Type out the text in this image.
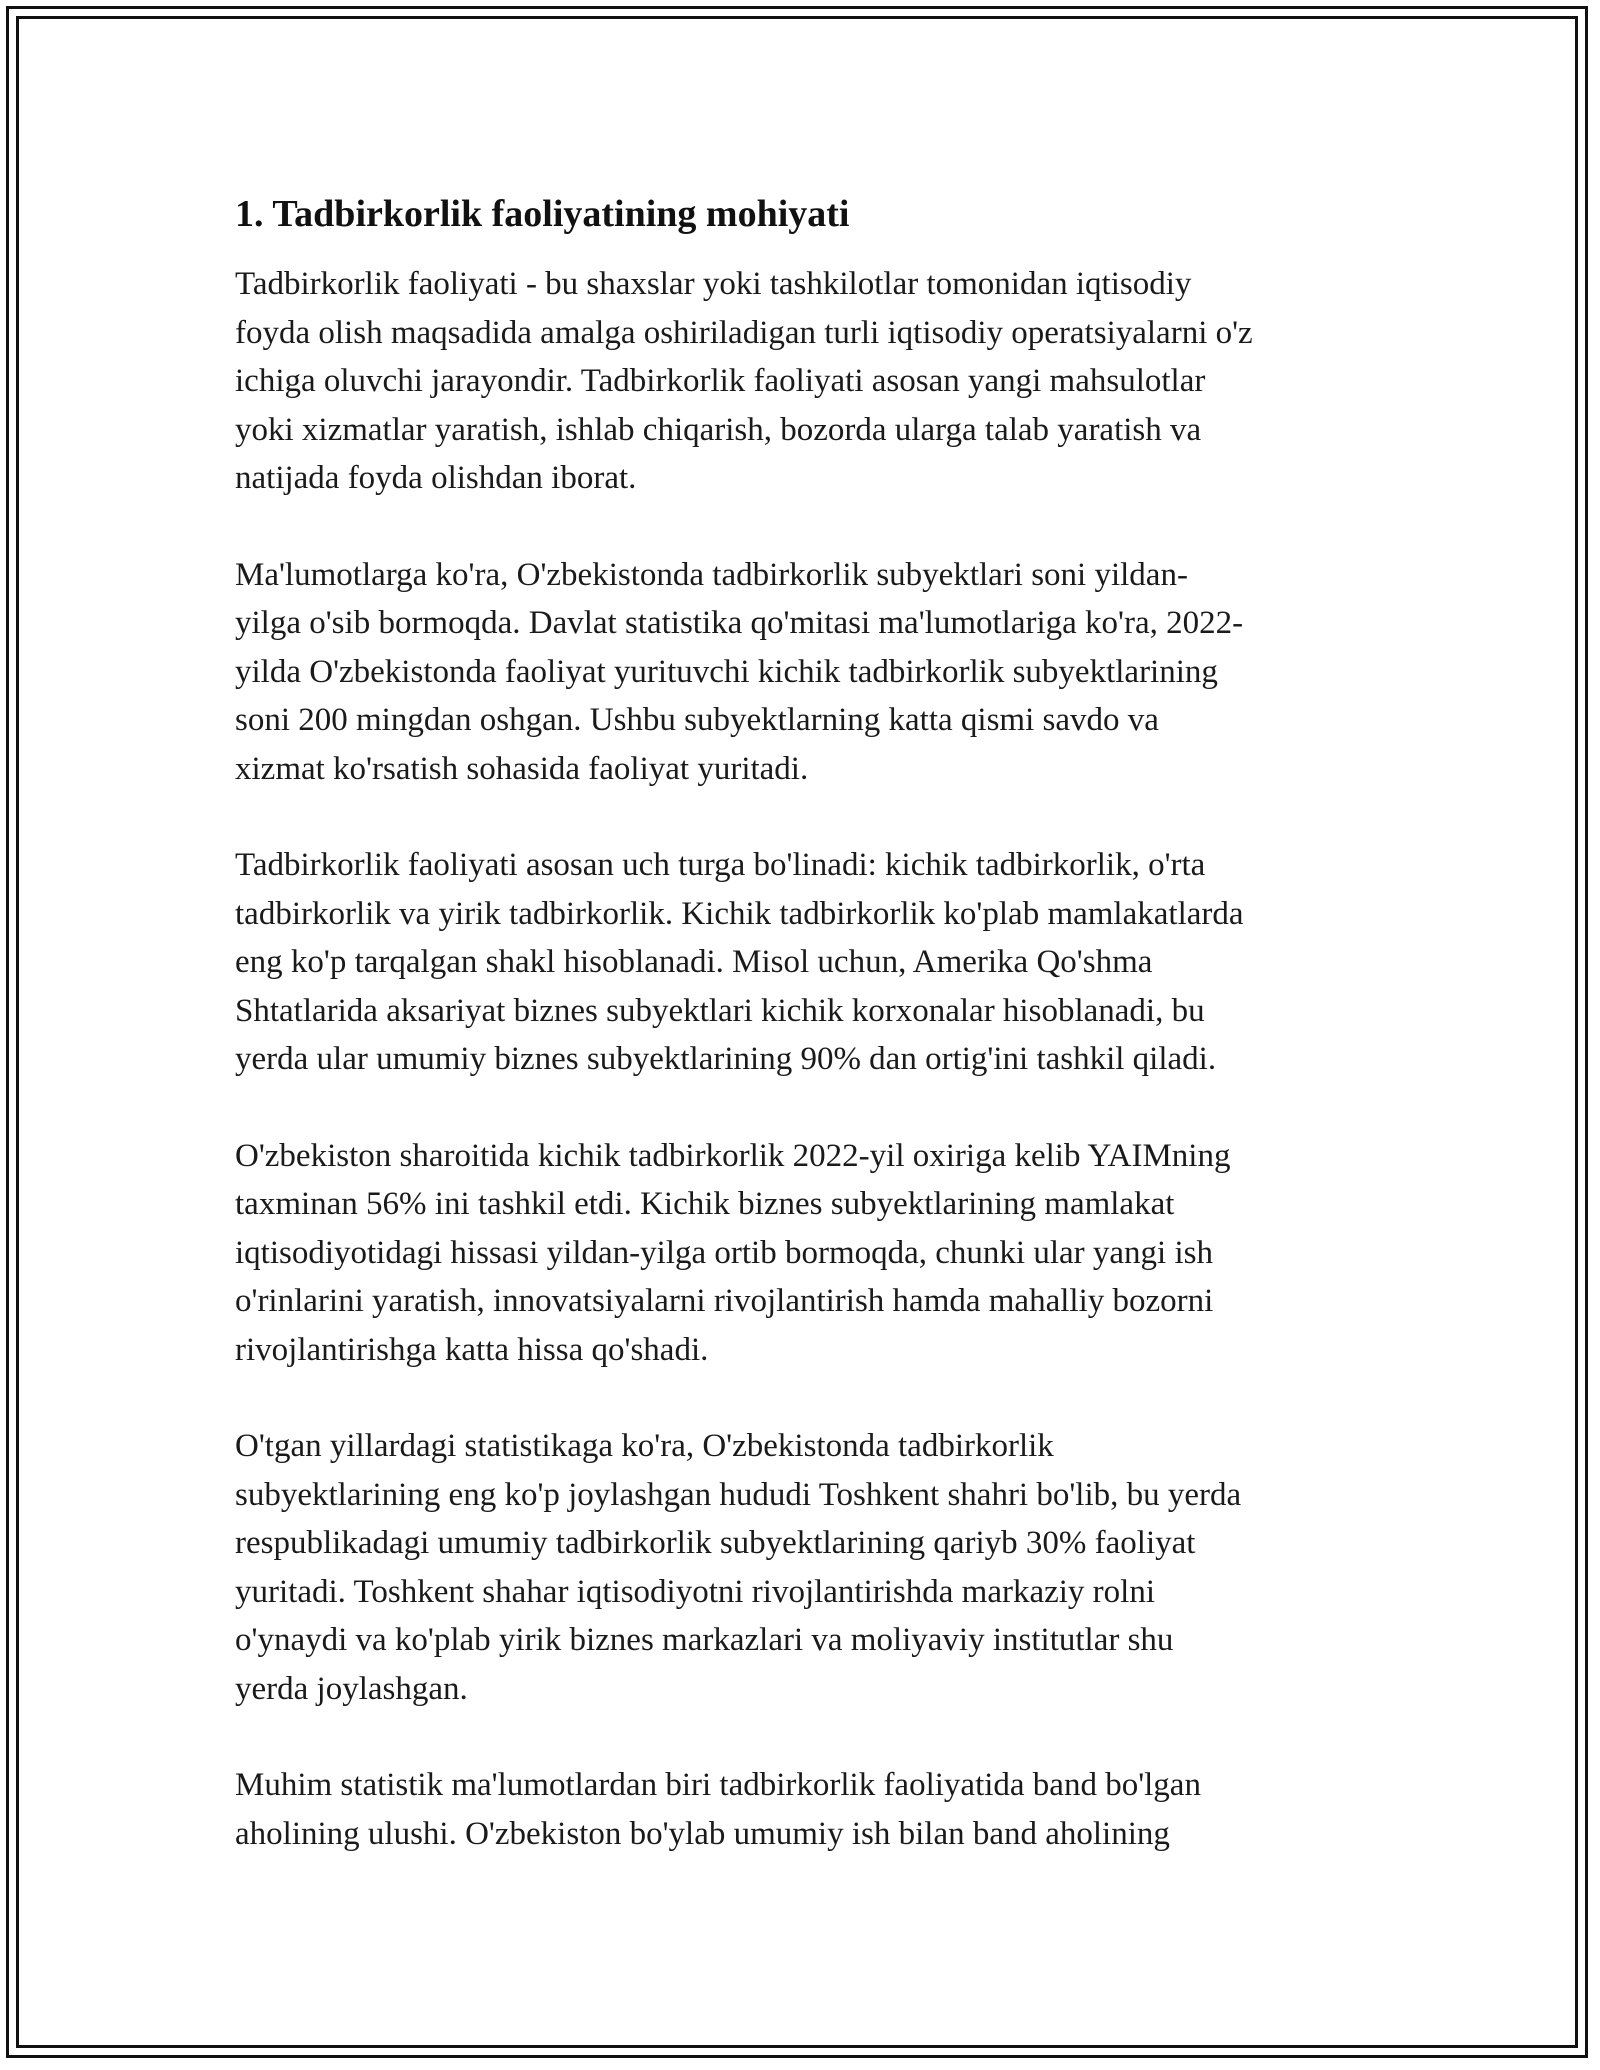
1. Tadbirkorlik faoliyatining mohiyati
Tadbirkorlik faoliyati - bu shaxslar yoki tashkilotlar tomonidan iqtisodiy
foyda olish maqsadida amalga oshiriladigan turli iqtisodiy operatsiyalarni o'z
ichiga oluvchi jarayondir. Tadbirkorlik faoliyati asosan yangi mahsulotlar
yoki xizmatlar yaratish, ishlab chiqarish, bozorda ularga talab yaratish va
natijada foyda olishdan iborat.
Ma'lumotlarga ko'ra, O'zbekistonda tadbirkorlik subyektlari soni yildan-
yilga o'sib bormoqda. Davlat statistika qo'mitasi ma'lumotlariga ko'ra, 2022-
yilda O'zbekistonda faoliyat yurituvchi kichik tadbirkorlik subyektlarining
soni 200 mingdan oshgan. Ushbu subyektlarning katta qismi savdo va
xizmat ko'rsatish sohasida faoliyat yuritadi.
Tadbirkorlik faoliyati asosan uch turga bo'linadi: kichik tadbirkorlik, o'rta
tadbirkorlik va yirik tadbirkorlik. Kichik tadbirkorlik ko'plab mamlakatlarda
eng ko'p tarqalgan shakl hisoblanadi. Misol uchun, Amerika Qo'shma
Shtatlarida aksariyat biznes subyektlari kichik korxonalar hisoblanadi, bu
yerda ular umumiy biznes subyektlarining 90% dan ortig'ini tashkil qiladi.
O'zbekiston sharoitida kichik tadbirkorlik 2022-yil oxiriga kelib YAIMning
taxminan 56% ini tashkil etdi. Kichik biznes subyektlarining mamlakat
iqtisodiyotidagi hissasi yildan-yilga ortib bormoqda, chunki ular yangi ish
o'rinlarini yaratish, innovatsiyalarni rivojlantirish hamda mahalliy bozorni
rivojlantirishga katta hissa qo'shadi.
O'tgan yillardagi statistikaga ko'ra, O'zbekistonda tadbirkorlik
subyektlarining eng ko'p joylashgan hududi Toshkent shahri bo'lib, bu yerda
respublikadagi umumiy tadbirkorlik subyektlarining qariyb 30% faoliyat
yuritadi. Toshkent shahar iqtisodiyotni rivojlantirishda markaziy rolni
o'ynaydi va ko'plab yirik biznes markazlari va moliyaviy institutlar shu
yerda joylashgan.
Muhim statistik ma'lumotlardan biri tadbirkorlik faoliyatida band bo'lgan
aholining ulushi. O'zbekiston bo'ylab umumiy ish bilan band aholining
